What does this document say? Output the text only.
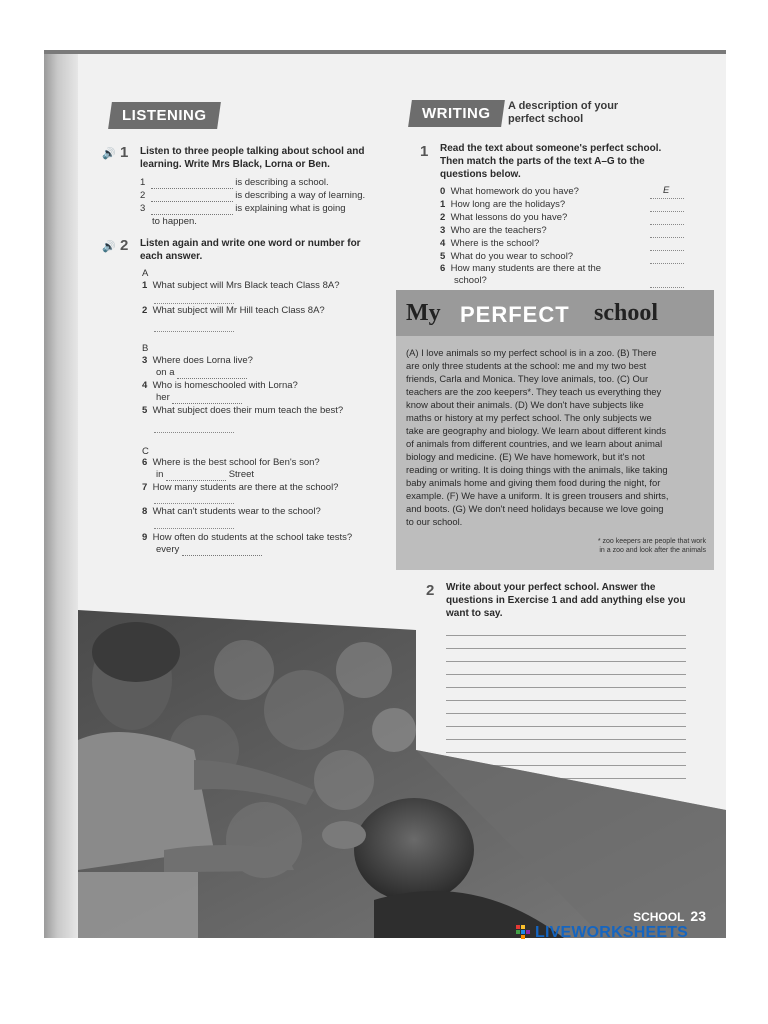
LISTENING
🔊 1 Listen to three people talking about school and
learning. Write Mrs Black, Lorna or Ben.
1	is describing a school.
2	is describing a way of learning.
3	is explaining what is going
to happen.
🔊 2 Listen again and write one word or number for
each answer.
A
1 What subject will Mrs Black teach Class 8A?
2 What subject will Mr Hill teach Class 8A?
B
3 Where does Lorna live?
on a
4 Who is homeschooled with Lorna?
her
5 What subject does their mum teach the best?
C
6 Where is the best school for Ben's son?
in	Street
7 How many students are there at the school?
8 What can't students wear to the school?
9 How often do students at the school take tests?
every
WRITING	A description of your
perfect school
1 Read the text about someone's perfect school.
Then match the parts of the text A–G to the
questions below.
0 What homework do you have?	E
1 How long are the holidays?
2 What lessons do you have?
3 Who are the teachers?
4 Where is the school?
5 What do you wear to school?
6 How many students are there at the
school?
My PERFECT school
(A) I love animals so my perfect school is in a zoo. (B) There
are only three students at the school: me and my two best
friends, Carla and Monica. They love animals, too. (C) Our
teachers are the zoo keepers*. They teach us everything they
know about their animals. (D) We don't have subjects like
maths or history at my perfect school. The only subjects we
take are geography and biology. We learn about different kinds
of animals from different countries, and we learn about animal
biology and medicine. (E) We have homework, but it's not
reading or writing. It is doing things with the animals, like taking
baby animals home and giving them food during the night, for
example. (F) We have a uniform. It is green trousers and shirts,
and boots. (G) We don't need holidays because we love going
to our school.
* zoo keepers are people that work
in a zoo and look after the animals
2 Write about your perfect school. Answer the
questions in Exercise 1 and add anything else you
want to say.
SCHOOL 23
LIVEWORKSHEETS
